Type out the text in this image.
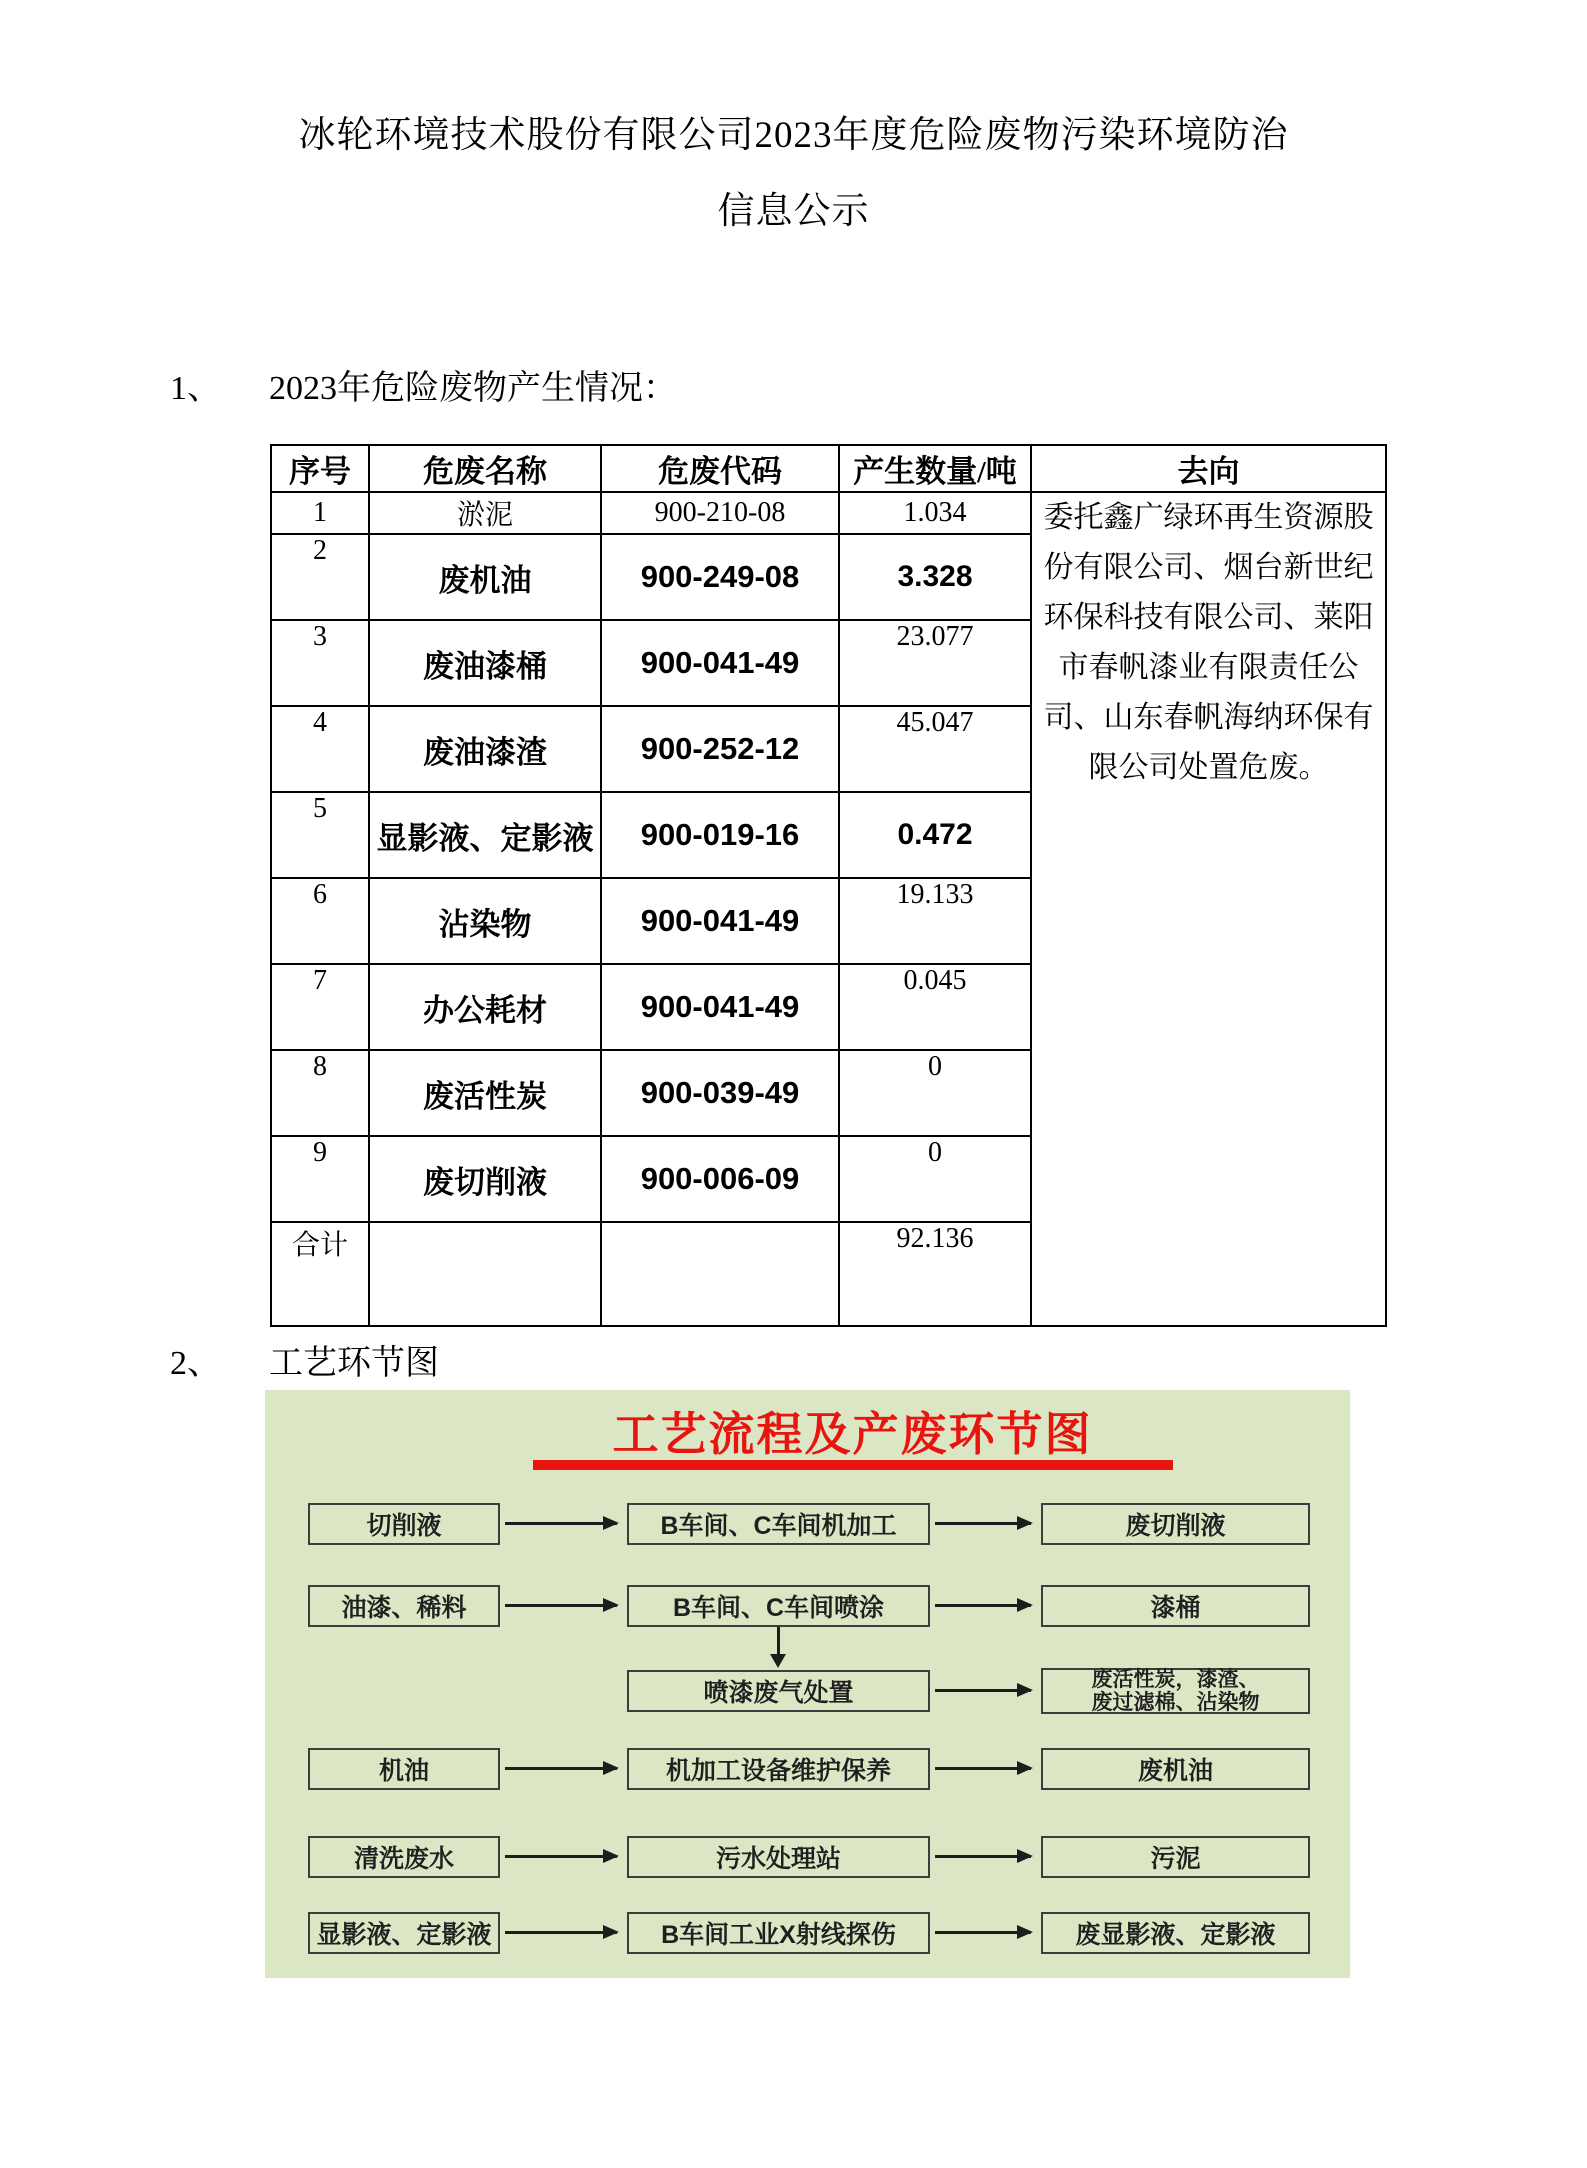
冰轮环境技术股份有限公司2023年度危险废物污染环境防治
信息公示
1、 2023年危险废物产生情况：
序号	危废名称	危废代码	产生数量/吨	去向
1	淤泥	900-210-08	1.034	委托鑫广绿环再生资源股份有限公司、烟台新世纪环保科技有限公司、莱阳市春帆漆业有限责任公司、山东春帆海纳环保有限公司处置危废。
2	废机油	900-249-08	3.328	
3	废油漆桶	900-041-49	23.077	
4	废油漆渣	900-252-12	45.047	
5	显影液、定影液	900-019-16	0.472	
6	沾染物	900-041-49	19.133	
7	办公耗材	900-041-49	0.045	
8	废活性炭	900-039-49	0	
9	废切削液	900-006-09	0	
合计			92.136	
2、 工艺环节图
工艺流程及产废环节图
切削液	B车间、C车间机加工	废切削液
油漆、稀料	B车间、C车间喷涂	漆桶
喷漆废气处置	废活性炭，漆渣、
废过滤棉、沾染物
机油	机加工设备维护保养	废机油
清洗废水	污水处理站	污泥
显影液、定影液	B车间工业X射线探伤	废显影液、定影液
